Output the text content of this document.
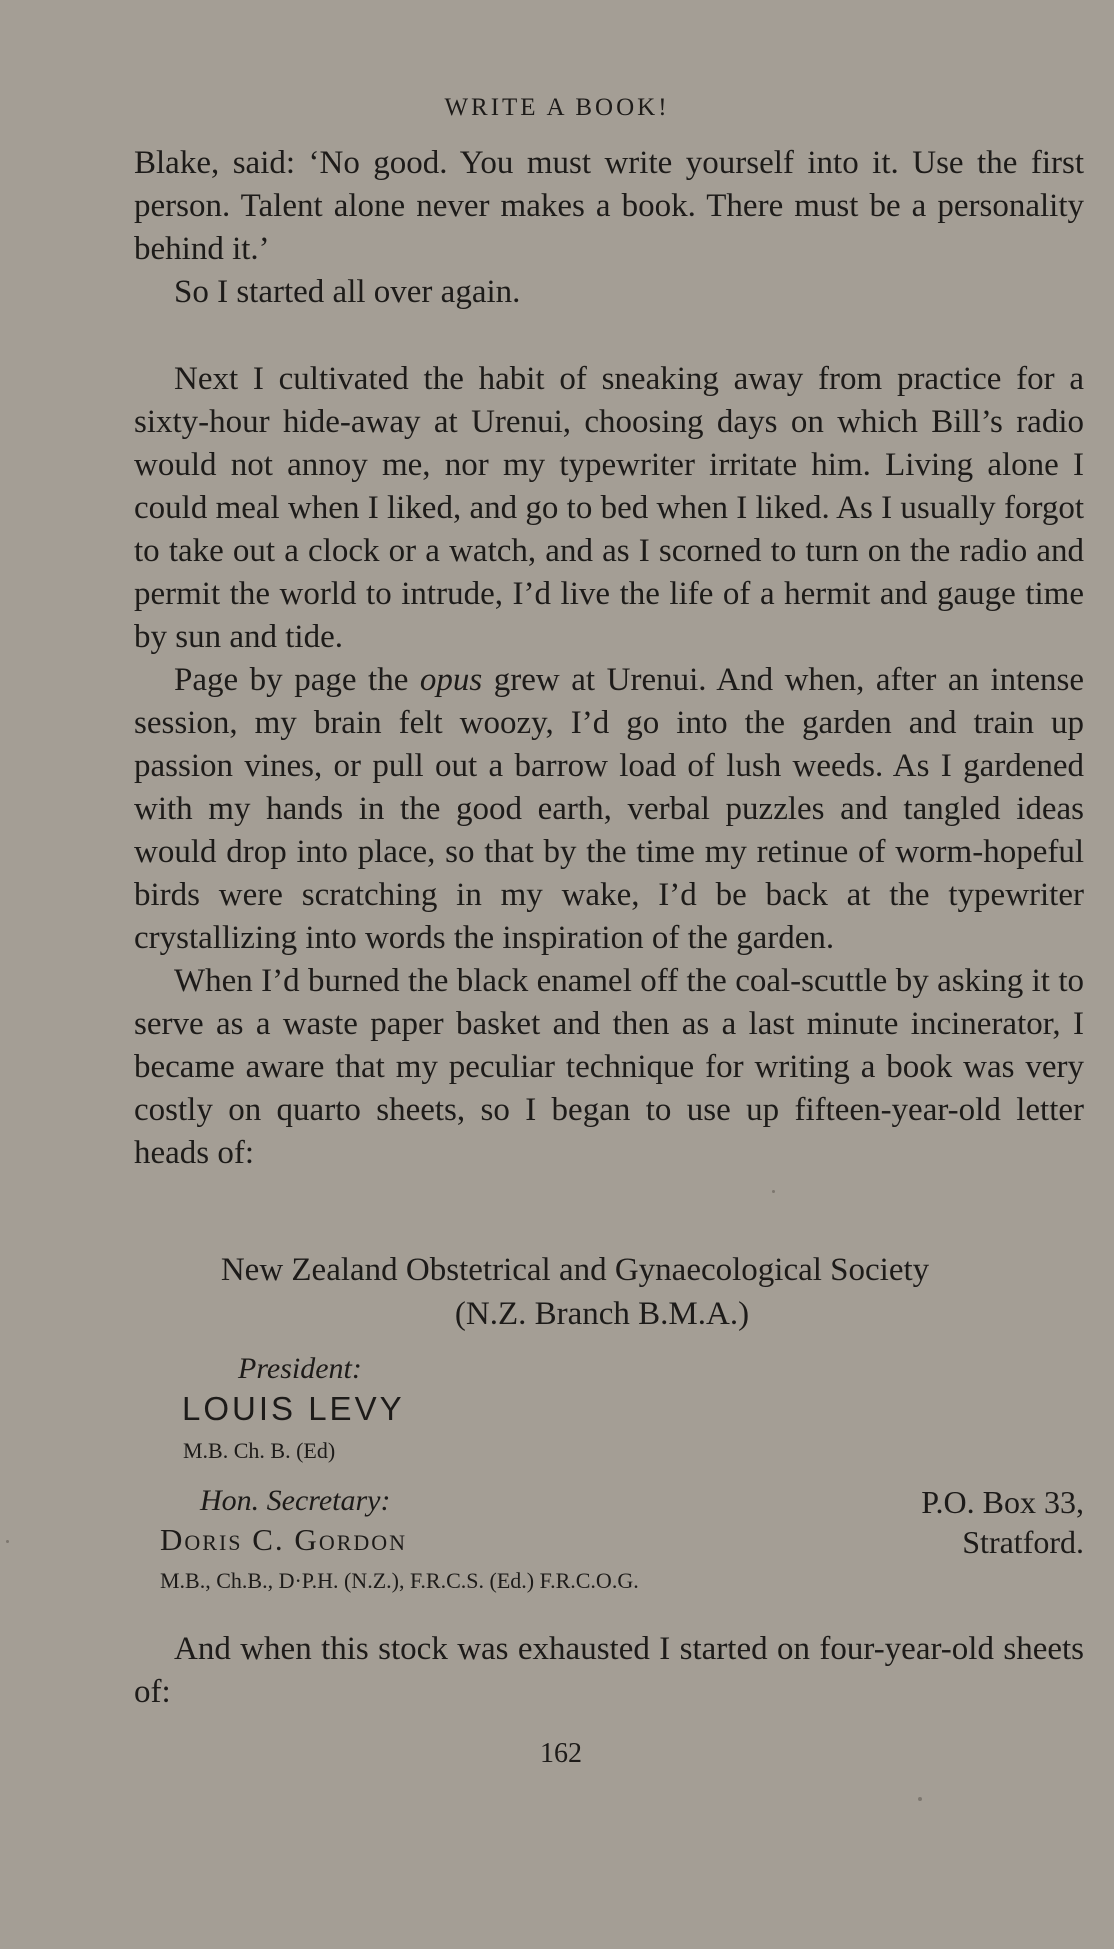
WRITE A BOOK!

Blake, said: ‘No good. You must write yourself into it. Use the first person. Talent alone never makes a book. There must be a personality behind it.’

So I started all over again.

Next I cultivated the habit of sneaking away from practice for a sixty-hour hide-away at Urenui, choosing days on which Bill’s radio would not annoy me, nor my typewriter irritate him. Living alone I could meal when I liked, and go to bed when I liked. As I usually forgot to take out a clock or a watch, and as I scorned to turn on the radio and permit the world to intrude, I’d live the life of a hermit and gauge time by sun and tide.

Page by page the opus grew at Urenui. And when, after an intense session, my brain felt woozy, I’d go into the garden and train up passion vines, or pull out a barrow load of lush weeds. As I gardened with my hands in the good earth, verbal puzzles and tangled ideas would drop into place, so that by the time my retinue of worm-hopeful birds were scratching in my wake, I’d be back at the typewriter crystallizing into words the inspiration of the garden.

When I’d burned the black enamel off the coal-scuttle by asking it to serve as a waste paper basket and then as a last minute incinerator, I became aware that my peculiar technique for writing a book was very costly on quarto sheets, so I began to use up fifteen-year-old letter heads of:

New Zealand Obstetrical and Gynaecological Society

(N.Z. Branch B.M.A.)

President:

LOUIS LEVY

M.B. Ch. B. (Ed)

Hon. Secretary:

Doris C. Gordon

M.B., Ch.B., D·P.H. (N.Z.), F.R.C.S. (Ed.) F.R.C.O.G.

P.O. Box 33,

Stratford.

And when this stock was exhausted I started on four-year-old sheets of:

162
